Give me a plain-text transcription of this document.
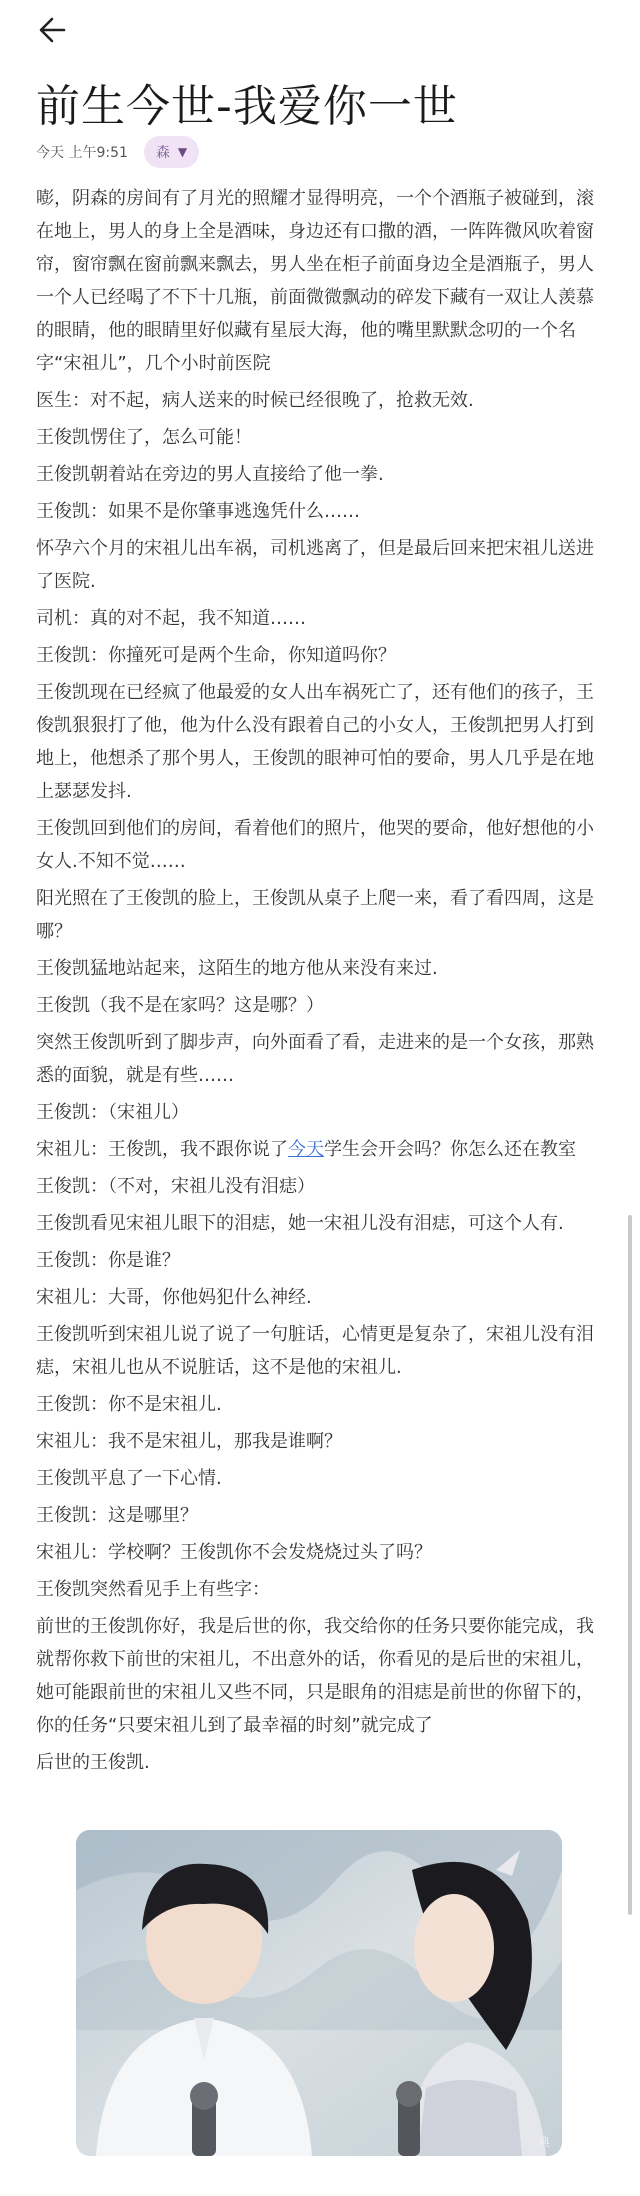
前生今世-我爱你一世
今天 上午9:51 森 ▼

嘭，阴森的房间有了月光的照耀才显得明亮，一个个酒瓶子被碰到，滚在地上，男人的身上全是酒味，身边还有口撒的酒，一阵阵微风吹着窗帘，窗帘飘在窗前飘来飘去，男人坐在柜子前面身边全是酒瓶子，男人一个人已经喝了不下十几瓶，前面微微飘动的碎发下藏有一双让人羡慕的眼睛，他的眼睛里好似藏有星辰大海，他的嘴里默默念叨的一个名字“宋祖儿”，几个小时前医院

医生：对不起，病人送来的时候已经很晚了，抢救无效.

王俊凯愣住了，怎么可能！

王俊凯朝着站在旁边的男人直接给了他一拳.

王俊凯：如果不是你肇事逃逸凭什么……

怀孕六个月的宋祖儿出车祸，司机逃离了，但是最后回来把宋祖儿送进了医院.

司机：真的对不起，我不知道……

王俊凯：你撞死可是两个生命，你知道吗你？

王俊凯现在已经疯了他最爱的女人出车祸死亡了，还有他们的孩子，王俊凯狠狠打了他，他为什么没有跟着自己的小女人，王俊凯把男人打到地上，他想杀了那个男人，王俊凯的眼神可怕的要命，男人几乎是在地上瑟瑟发抖.

王俊凯回到他们的房间，看着他们的照片，他哭的要命，他好想他的小女人.不知不觉……

阳光照在了王俊凯的脸上，王俊凯从桌子上爬一来，看了看四周，这是哪？

王俊凯猛地站起来，这陌生的地方他从来没有来过.

王俊凯（我不是在家吗？这是哪？）

突然王俊凯听到了脚步声，向外面看了看，走进来的是一个女孩，那熟悉的面貌，就是有些……

王俊凯：（宋祖儿）

宋祖儿：王俊凯，我不跟你说了今天学生会开会吗？你怎么还在教室

王俊凯：（不对，宋祖儿没有泪痣）

王俊凯看见宋祖儿眼下的泪痣，她一宋祖儿没有泪痣，可这个人有.

王俊凯：你是谁？

宋祖儿：大哥，你他妈犯什么神经.

王俊凯听到宋祖儿说了说了一句脏话，心情更是复杂了，宋祖儿没有泪痣，宋祖儿也从不说脏话，这不是他的宋祖儿.

王俊凯：你不是宋祖儿.

宋祖儿：我不是宋祖儿，那我是谁啊？

王俊凯平息了一下心情.

王俊凯：这是哪里？

宋祖儿：学校啊？王俊凯你不会发烧烧过头了吗？

王俊凯突然看见手上有些字：

前世的王俊凯你好，我是后世的你，我交给你的任务只要你能完成，我就帮你救下前世的宋祖儿，不出意外的话，你看见的是后世的宋祖儿，她可能跟前世的宋祖儿又些不同，只是眼角的泪痣是前世的你留下的，你的任务“只要宋祖儿到了最幸福的时刻”就完成了

后世的王俊凯.

典
